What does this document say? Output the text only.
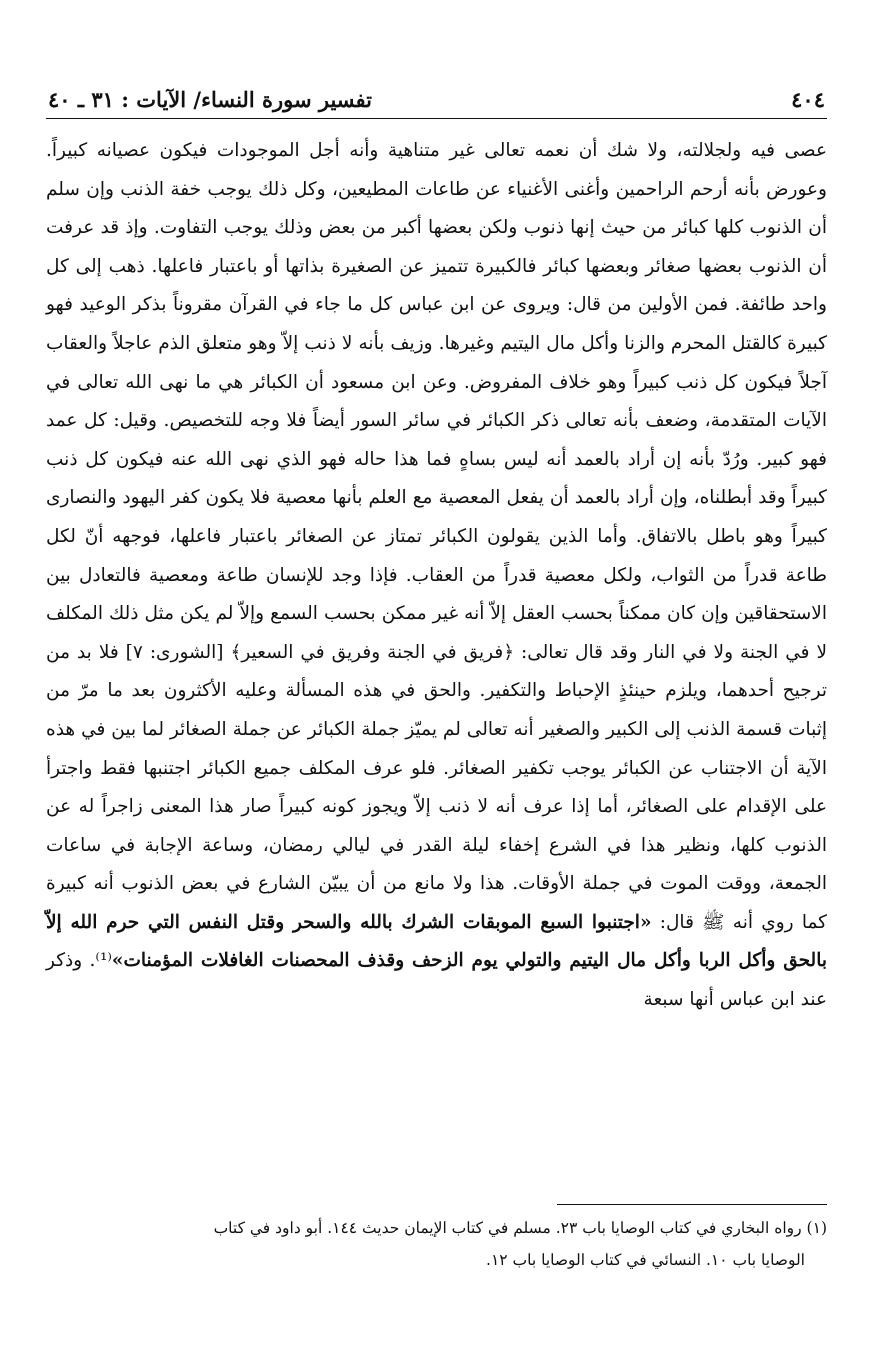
٤٠٤
تفسير سورة النساء/ الآيات : ٣١ ـ ٤٠
عصى فيه ولجلالته، ولا شك أن نعمه تعالى غير متناهية وأنه أجل الموجودات فيكون عصيانه كبيراً. وعورض بأنه أرحم الراحمين وأغنى الأغنياء عن طاعات المطيعين، وكل ذلك يوجب خفة الذنب وإن سلم أن الذنوب كلها كبائر من حيث إنها ذنوب ولكن بعضها أكبر من بعض وذلك يوجب التفاوت. وإذ قد عرفت أن الذنوب بعضها صغائر وبعضها كبائر فالكبيرة تتميز عن الصغيرة بذاتها أو باعتبار فاعلها. ذهب إلى كل واحد طائفة. فمن الأولين من قال: ويروى عن ابن عباس كل ما جاء في القرآن مقروناً بذكر الوعيد فهو كبيرة كالقتل المحرم والزنا وأكل مال اليتيم وغيرها. وزيف بأنه لا ذنب إلاّ وهو متعلق الذم عاجلاً والعقاب آجلاً فيكون كل ذنب كبيراً وهو خلاف المفروض. وعن ابن مسعود أن الكبائر هي ما نهى الله تعالى في الآيات المتقدمة، وضعف بأنه تعالى ذكر الكبائر في سائر السور أيضاً فلا وجه للتخصيص. وقيل: كل عمد فهو كبير. ورُدّ بأنه إن أراد بالعمد أنه ليس بساهٍ فما هذا حاله فهو الذي نهى الله عنه فيكون كل ذنب كبيراً وقد أبطلناه، وإن أراد بالعمد أن يفعل المعصية مع العلم بأنها معصية فلا يكون كفر اليهود والنصارى كبيراً وهو باطل بالاتفاق. وأما الذين يقولون الكبائر تمتاز عن الصغائر باعتبار فاعلها، فوجهه أنّ لكل طاعة قدراً من الثواب، ولكل معصية قدراً من العقاب. فإذا وجد للإنسان طاعة ومعصية فالتعادل بين الاستحقاقين وإن كان ممكناً بحسب العقل إلاّ أنه غير ممكن بحسب السمع وإلاّ لم يكن مثل ذلك المكلف لا في الجنة ولا في النار وقد قال تعالى: ﴿فريق في الجنة وفريق في السعير﴾ [الشورى: ٧] فلا بد من ترجيح أحدهما، ويلزم حينئذٍ الإحباط والتكفير. والحق في هذه المسألة وعليه الأكثرون بعد ما مرّ من إثبات قسمة الذنب إلى الكبير والصغير أنه تعالى لم يميّز جملة الكبائر عن جملة الصغائر لما بين في هذه الآية أن الاجتناب عن الكبائر يوجب تكفير الصغائر. فلو عرف المكلف جميع الكبائر اجتنبها فقط واجترأ على الإقدام على الصغائر، أما إذا عرف أنه لا ذنب إلاّ ويجوز كونه كبيراً صار هذا المعنى زاجراً له عن الذنوب كلها، ونظير هذا في الشرع إخفاء ليلة القدر في ليالي رمضان، وساعة الإجابة في ساعات الجمعة، ووقت الموت في جملة الأوقات. هذا ولا مانع من أن يبيّن الشارع في بعض الذنوب أنه كبيرة كما روي أنه ﷺ قال: «اجتنبوا السبع الموبقات الشرك بالله والسحر وقتل النفس التي حرم الله إلاّ بالحق وأكل الربا وأكل مال اليتيم والتولي يوم الزحف وقذف المحصنات الغافلات المؤمنات»⁽¹⁾. وذكر عند ابن عباس أنها سبعة
(١) رواه البخاري في كتاب الوصايا باب ٢٣. مسلم في كتاب الإيمان حديث ١٤٤. أبو داود في كتاب
الوصايا باب ١٠. النسائي في كتاب الوصايا باب ١٢.
